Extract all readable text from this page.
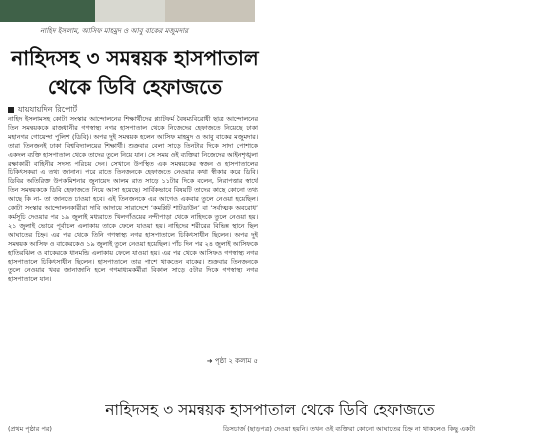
নাহিদ ইসলাম, আসিফ মাহমুদ ও আবু বাকের মজুমদার
নাহিদসহ ৩ সমন্বয়ক হাসপাতাল
থেকে ডিবি হেফাজতে
যায়যায়দিন রিপোর্ট

নাহিদ ইসলামসহ কোটা সংস্কার আন্দোলনের শিক্ষার্থীদের প্ল্যাটফর্ম বৈষম্যবিরোধী ছাত্র আন্দোলনের তিন সমন্বয়ককে রাজধানীর গণস্বাস্থ্য নগর হাসপাতাল থেকে নিজেদের হেফাজতে নিয়েছে ঢাকা মহানগর গোয়েন্দা পুলিশ (ডিবি)। অপর দুই সমন্বয়ক হলেন আসিফ মাহমুদ ও আবু বাকের মজুমদার। তারা তিনজনই ঢাকা বিশ্ববিদ্যালয়ের শিক্ষার্থী। শুক্রবার বেলা সাড়ে তিনটার দিকে সাদা পোশাকে একদল ব্যক্তি হাসপাতাল থেকে তাদের তুলে নিয়ে যান। সে সময় ওই ব্যক্তিরা নিজেদের আইনশৃঙ্খলা রক্ষাকারী বাহিনীর সদস্য পরিচয় দেন। সেখানে উপস্থিত এক সমন্বয়কের স্বজন ও হাসপাতালের চিকিৎসকরা এ তথ্য জানান। পরে রাতে তিনজনকে হেফাজতে নেওয়ার কথা স্বীকার করে ডিবি। ডিবির অতিরিক্ত উপকমিশনার জুনায়েদ আলম রাত সাড়ে ১১টার দিকে বলেন, নিরাপত্তার স্বার্থে তিন সমন্বয়ককে ডিবি হেফাজতে নিয়ে আসা হয়েছে। সার্বিকভাবে বিষয়টি তাদের কাছে কোনো তথ্য আছে কি না- তা জানতে চাওয়া হবে। এই তিনজনকে এর আগেও একবার তুলে নেওয়া হয়েছিল। কোটা সংস্কার আন্দোলনকারীরা দাবি আদায়ে সারাদেশে ‘কমপ্লিট শাটডাউন’ বা ‘সর্বাত্মক অবরোধ’ কর্মসূচি দেওয়ার পর ১৯ জুলাই মধ্যরাতে খিলগাঁওয়ের নন্দীপাড়া থেকে নাহিদকে তুলে নেওয়া হয়। ২১ জুলাই ভোরে পূর্বাচল এলাকায় তাকে ফেলে যাওয়া হয়। নাহিদের শরীরের বিভিন্ন স্থানে ছিল আঘাতের চিহ্ন। এর পর থেকে তিনি গণস্বাস্থ্য নগর হাসপাতালে চিকিৎসাধীন ছিলেন। অপর দুই সমন্বয়ক আসিফ ও বাকেরকেও ১৯ জুলাই তুলে নেওয়া হয়েছিল। পাঁচ দিন পর ২৪ জুলাই আসিফকে হাতিরঝিল ও বাকেরকে ধানমন্ডি এলাকায় ফেলে যাওয়া হয়। এর পর থেকে আসিফও গণস্বাস্থ্য নগর হাসপাতালে চিকিৎসাধীন ছিলেন। হাসপাতালে তার পাশে থাকতেন বাকের। শুক্রবার তিনজনকে তুলে নেওয়ার খবর জানাজানি হলে গণমাধ্যমকর্মীরা বিকাল সাড়ে ৫টার দিকে গণস্বাস্থ্য নগর হাসপাতালে যান।

➜ পৃষ্ঠা ২ কলাম ৫
নাহিদসহ ৩ সমন্বয়ক হাসপাতাল থেকে ডিবি হেফাজতে
(প্রথম পৃষ্ঠার পর)	ডিসচার্জ (ছাড়পত্র) দেওয়া হয়নি। তখন ওই ব্যক্তিরা কোনো আঘাতের চিহ্ন না থাকলেও কিছু একটা
